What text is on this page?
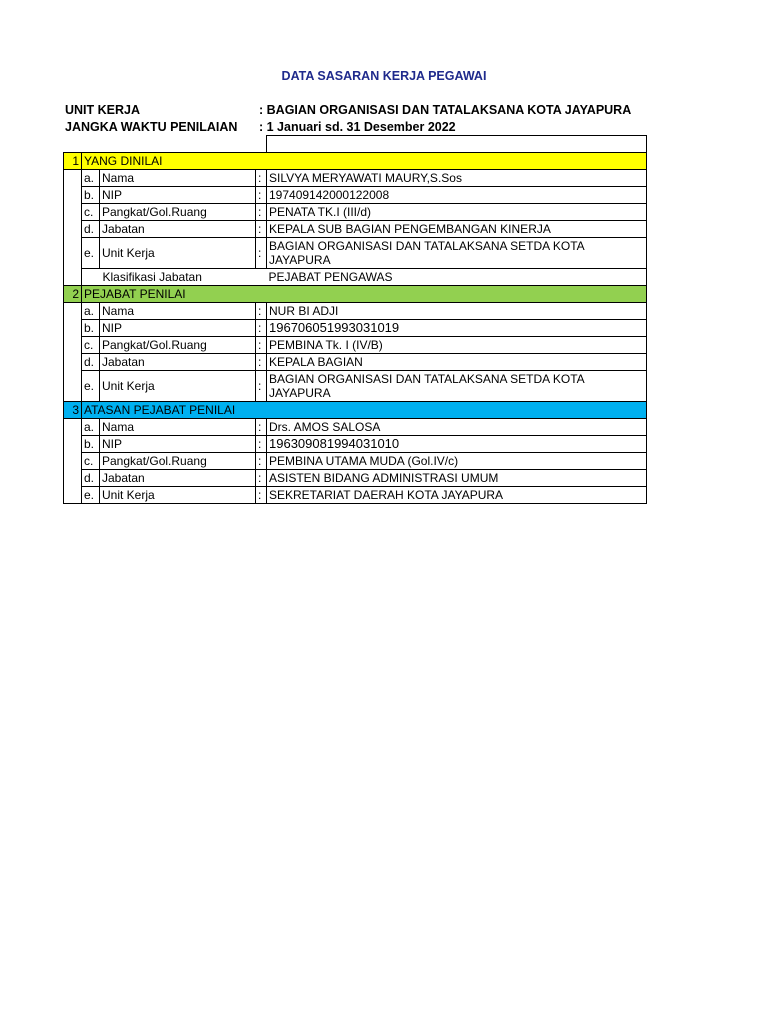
DATA SASARAN KERJA PEGAWAI
UNIT KERJA	: BAGIAN ORGANISASI DAN TATALAKSANA KOTA JAYAPURA
JANGKA WAKTU PENILAIAN : 1 Januari sd. 31 Desember 2022

1	YANG DINILAI			
	a.	Nama	:	SILVYA MERYAWATI MAURY,S.Sos
	b.	NIP	:	197409142000122008
	c.	Pangkat/Gol.Ruang	:	PENATA TK.I (III/d)
	d.	Jabatan	:	KEPALA SUB BAGIAN PENGEMBANGAN KINERJA
	e.	Unit Kerja	:	BAGIAN ORGANISASI DAN TATALAKSANA SETDA KOTA JAYAPURA
		Klasifikasi Jabatan		PEJABAT PENGAWAS
2	PEJABAT PENILAI			
	a.	Nama	:	NUR BI ADJI
	b.	NIP	:	196706051993031019
	c.	Pangkat/Gol.Ruang	:	PEMBINA Tk. I (IV/B)
	d.	Jabatan	:	KEPALA BAGIAN
	e.	Unit Kerja	:	BAGIAN ORGANISASI DAN TATALAKSANA SETDA KOTA JAYAPURA
3	ATASAN PEJABAT PENILAI			
	a.	Nama	:	Drs. AMOS SALOSA
	b.	NIP	:	196309081994031010
	c.	Pangkat/Gol.Ruang	:	PEMBINA UTAMA MUDA (Gol.IV/c)
	d.	Jabatan	:	ASISTEN BIDANG ADMINISTRASI UMUM
	e.	Unit Kerja	:	SEKRETARIAT DAERAH KOTA JAYAPURA
